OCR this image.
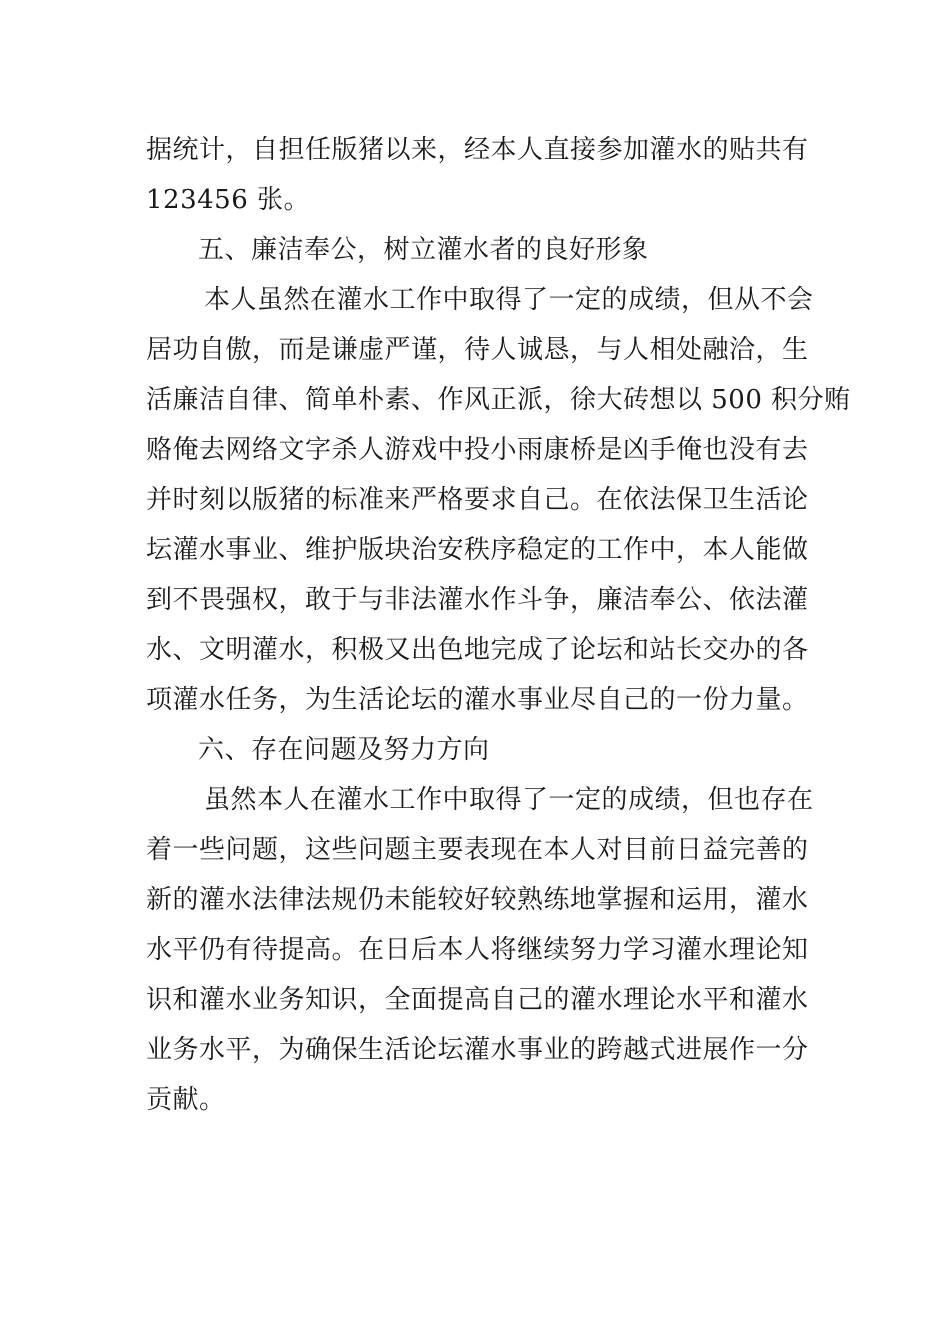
据统计，自担任版猪以来，经本人直接参加灌水的贴共有
123456 张。
五、廉洁奉公，树立灌水者的良好形象
本人虽然在灌水工作中取得了一定的成绩，但从不会
居功自傲，而是谦虚严谨，待人诚恳，与人相处融洽，生
活廉洁自律、简单朴素、作风正派，徐大砖想以 500 积分贿
赂俺去网络文字杀人游戏中投小雨康桥是凶手俺也没有去
并时刻以版猪的标准来严格要求自己。在依法保卫生活论
坛灌水事业、维护版块治安秩序稳定的工作中，本人能做
到不畏强权，敢于与非法灌水作斗争，廉洁奉公、依法灌
水、文明灌水，积极又出色地完成了论坛和站长交办的各
项灌水任务，为生活论坛的灌水事业尽自己的一份力量。
六、存在问题及努力方向
虽然本人在灌水工作中取得了一定的成绩，但也存在
着一些问题，这些问题主要表现在本人对目前日益完善的
新的灌水法律法规仍未能较好较熟练地掌握和运用，灌水
水平仍有待提高。在日后本人将继续努力学习灌水理论知
识和灌水业务知识，全面提高自己的灌水理论水平和灌水
业务水平，为确保生活论坛灌水事业的跨越式进展作一分
贡献。
